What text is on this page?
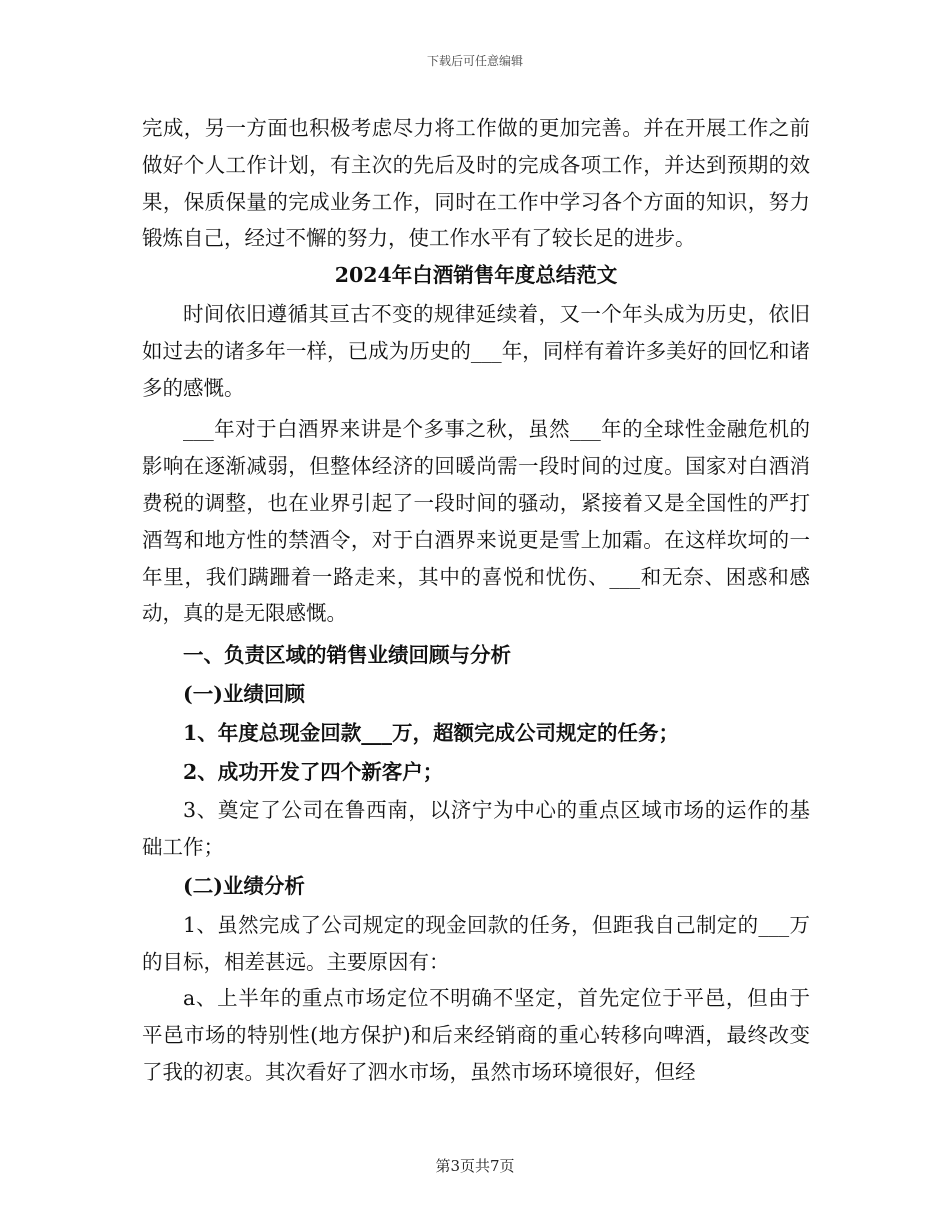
下载后可任意编辑

完成，另一方面也积极考虑尽力将工作做的更加完善。并在开展工作之前做好个人工作计划，有主次的先后及时的完成各项工作，并达到预期的效果，保质保量的完成业务工作，同时在工作中学习各个方面的知识，努力锻炼自己，经过不懈的努力，使工作水平有了较长足的进步。

2024年白酒销售年度总结范文

时间依旧遵循其亘古不变的规律延续着，又一个年头成为历史，依旧如过去的诸多年一样，已成为历史的___年，同样有着许多美好的回忆和诸多的感慨。

___年对于白酒界来讲是个多事之秋，虽然___年的全球性金融危机的影响在逐渐减弱，但整体经济的回暖尚需一段时间的过度。国家对白酒消费税的调整，也在业界引起了一段时间的骚动，紧接着又是全国性的严打酒驾和地方性的禁酒令，对于白酒界来说更是雪上加霜。在这样坎坷的一年里，我们蹒跚着一路走来，其中的喜悦和忧伤、___和无奈、困惑和感动，真的是无限感慨。

一、负责区域的销售业绩回顾与分析

(一)业绩回顾

1、年度总现金回款___万，超额完成公司规定的任务；

2、成功开发了四个新客户；

3、奠定了公司在鲁西南，以济宁为中心的重点区域市场的运作的基础工作；

(二)业绩分析

1、虽然完成了公司规定的现金回款的任务，但距我自己制定的___万的目标，相差甚远。主要原因有：

a、上半年的重点市场定位不明确不坚定，首先定位于平邑，但由于平邑市场的特别性(地方保护)和后来经销商的重心转移向啤酒，最终改变了我的初衷。其次看好了泗水市场，虽然市场环境很好，但经

第3页共7页
